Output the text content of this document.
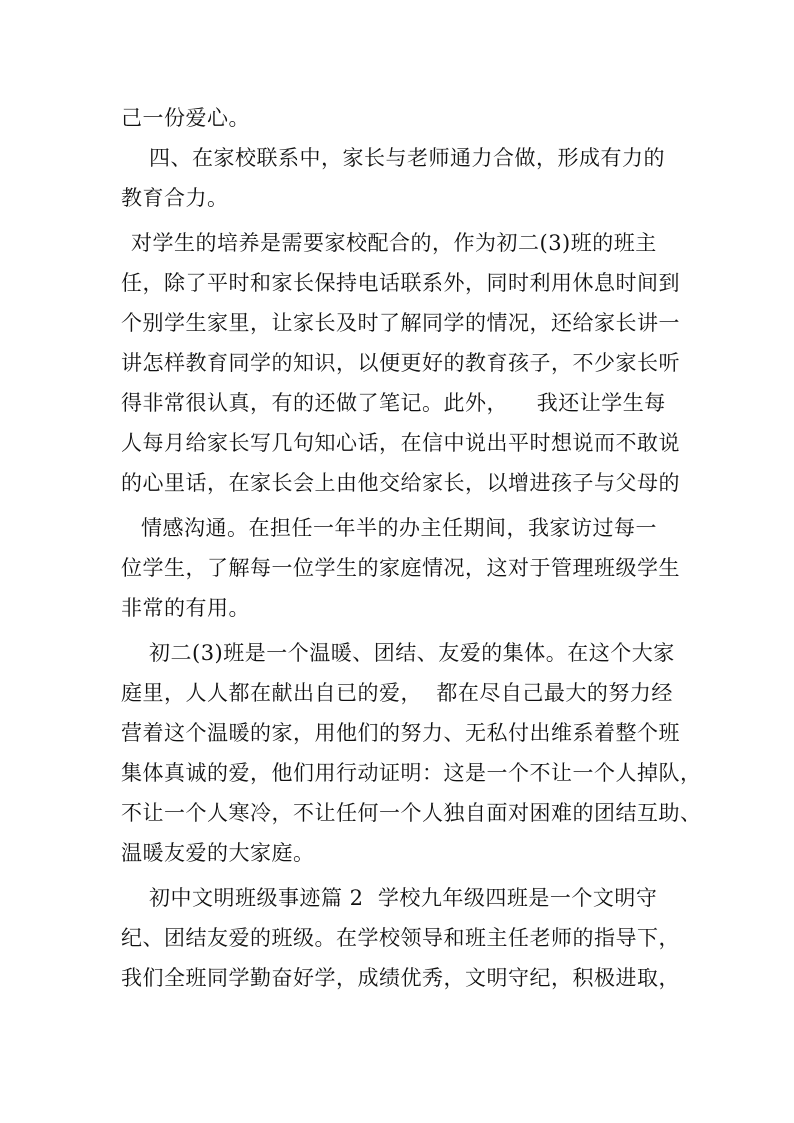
己一份爱心。
四、在家校联系中，家长与老师通力合做，形成有力的
教育合力。
对学生的培养是需要家校配合的，作为初二(3)班的班主
任，除了平时和家长保持电话联系外，同时利用休息时间到
个别学生家里，让家长及时了解同学的情况，还给家长讲一
讲怎样教育同学的知识，以便更好的教育孩子，不少家长听
得非常很认真，有的还做了笔记。此外，    我还让学生每
人每月给家长写几句知心话，在信中说出平时想说而不敢说
的心里话，在家长会上由他交给家长，以增进孩子与父母的
情感沟通。在担任一年半的办主任期间，我家访过每一
位学生，了解每一位学生的家庭情况，这对于管理班级学生
非常的有用。
初二(3)班是一个温暖、团结、友爱的集体。在这个大家
庭里，人人都在献出自已的爱，  都在尽自己最大的努力经
营着这个温暖的家，用他们的努力、无私付出维系着整个班
集体真诚的爱，他们用行动证明：这是一个不让一个人掉队，
不让一个人寒冷，不让任何一个人独自面对困难的团结互助、
温暖友爱的大家庭。
初中文明班级事迹篇 2  学校九年级四班是一个文明守
纪、团结友爱的班级。在学校领导和班主任老师的指导下，
我们全班同学勤奋好学，成绩优秀，文明守纪，积极进取，
